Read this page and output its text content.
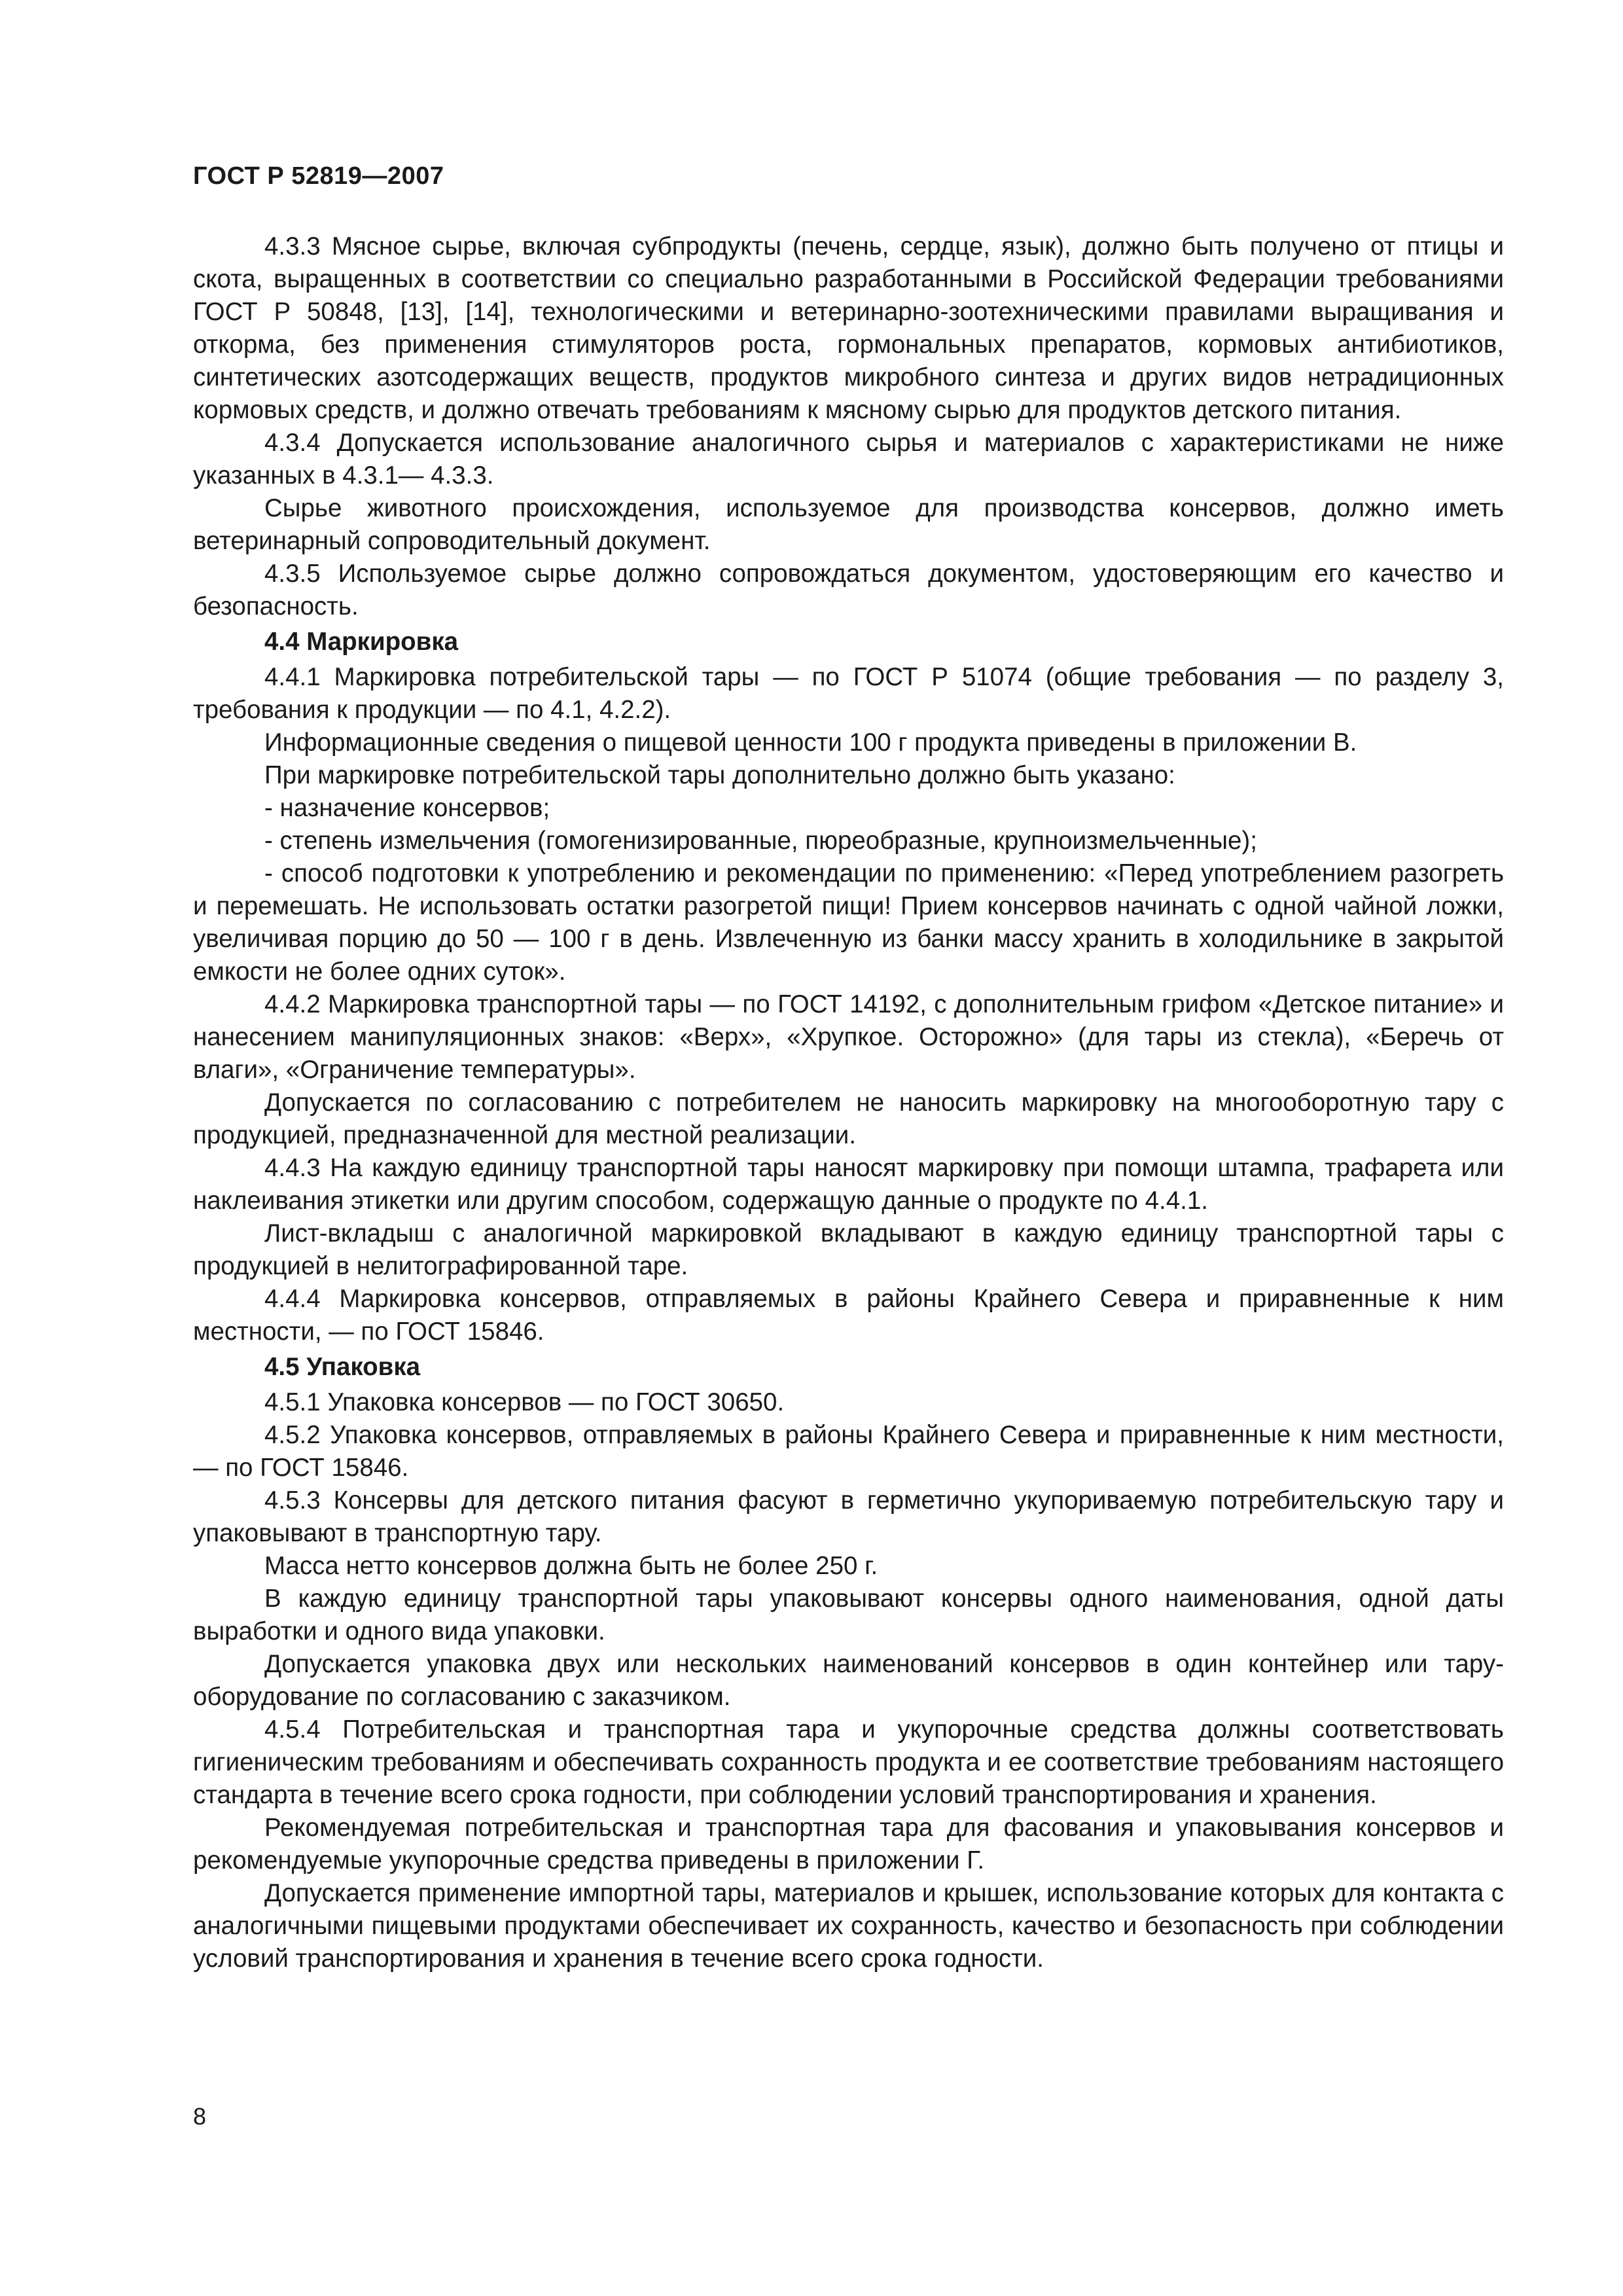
ГОСТ Р 52819—2007

4.3.3 Мясное сырье, включая субпродукты (печень, сердце, язык), должно быть получено от птицы и скота, выращенных в соответствии со специально разработанными в Российской Федерации требованиями ГОСТ Р 50848, [13], [14], технологическими и ветеринарно-зоотехническими правилами выращивания и откорма, без применения стимуляторов роста, гормональных препаратов, кормовых антибиотиков, синтетических азотсодержащих веществ, продуктов микробного синтеза и других видов нетрадиционных кормовых средств, и должно отвечать требованиям к мясному сырью для продуктов детского питания.

4.3.4 Допускается использование аналогичного сырья и материалов с характеристиками не ниже указанных в 4.3.1— 4.3.3.

Сырье животного происхождения, используемое для производства консервов, должно иметь ветеринарный сопроводительный документ.

4.3.5 Используемое сырье должно сопровождаться документом, удостоверяющим его качество и безопасность.

4.4 Маркировка

4.4.1 Маркировка потребительской тары — по ГОСТ Р 51074 (общие требования — по разделу 3, требования к продукции — по 4.1, 4.2.2).

Информационные сведения о пищевой ценности 100 г продукта приведены в приложении В.

При маркировке потребительской тары дополнительно должно быть указано:

- назначение консервов;

- степень измельчения (гомогенизированные, пюреобразные, крупноизмельченные);

- способ подготовки к употреблению и рекомендации по применению: «Перед употреблением разогреть и перемешать. Не использовать остатки разогретой пищи! Прием консервов начинать с одной чайной ложки, увеличивая порцию до 50 — 100 г в день. Извлеченную из банки массу хранить в холодильнике в закрытой емкости не более одних суток».

4.4.2 Маркировка транспортной тары — по ГОСТ 14192, с дополнительным грифом «Детское питание» и нанесением манипуляционных знаков: «Верх», «Хрупкое. Осторожно» (для тары из стекла), «Беречь от влаги», «Ограничение температуры».

Допускается по согласованию с потребителем не наносить маркировку на многооборотную тару с продукцией, предназначенной для местной реализации.

4.4.3 На каждую единицу транспортной тары наносят маркировку при помощи штампа, трафарета или наклеивания этикетки или другим способом, содержащую данные о продукте по 4.4.1.

Лист-вкладыш с аналогичной маркировкой вкладывают в каждую единицу транспортной тары с продукцией в нелитографированной таре.

4.4.4 Маркировка консервов, отправляемых в районы Крайнего Севера и приравненные к ним местности, — по ГОСТ 15846.

4.5 Упаковка

4.5.1 Упаковка консервов — по ГОСТ 30650.

4.5.2 Упаковка консервов, отправляемых в районы Крайнего Севера и приравненные к ним местности, — по ГОСТ 15846.

4.5.3 Консервы для детского питания фасуют в герметично укупориваемую потребительскую тару и упаковывают в транспортную тару.

Масса нетто консервов должна быть не более 250 г.

В каждую единицу транспортной тары упаковывают консервы одного наименования, одной даты выработки и одного вида упаковки.

Допускается упаковка двух или нескольких наименований консервов в один контейнер или тару-оборудование по согласованию с заказчиком.

4.5.4 Потребительская и транспортная тара и укупорочные средства должны соответствовать гигиеническим требованиям и обеспечивать сохранность продукта и ее соответствие требованиям настоящего стандарта в течение всего срока годности, при соблюдении условий транспортирования и хранения.

Рекомендуемая потребительская и транспортная тара для фасования и упаковывания консервов и рекомендуемые укупорочные средства приведены в приложении Г.

Допускается применение импортной тары, материалов и крышек, использование которых для контакта с аналогичными пищевыми продуктами обеспечивает их сохранность, качество и безопасность при соблюдении условий транспортирования и хранения в течение всего срока годности.

8
